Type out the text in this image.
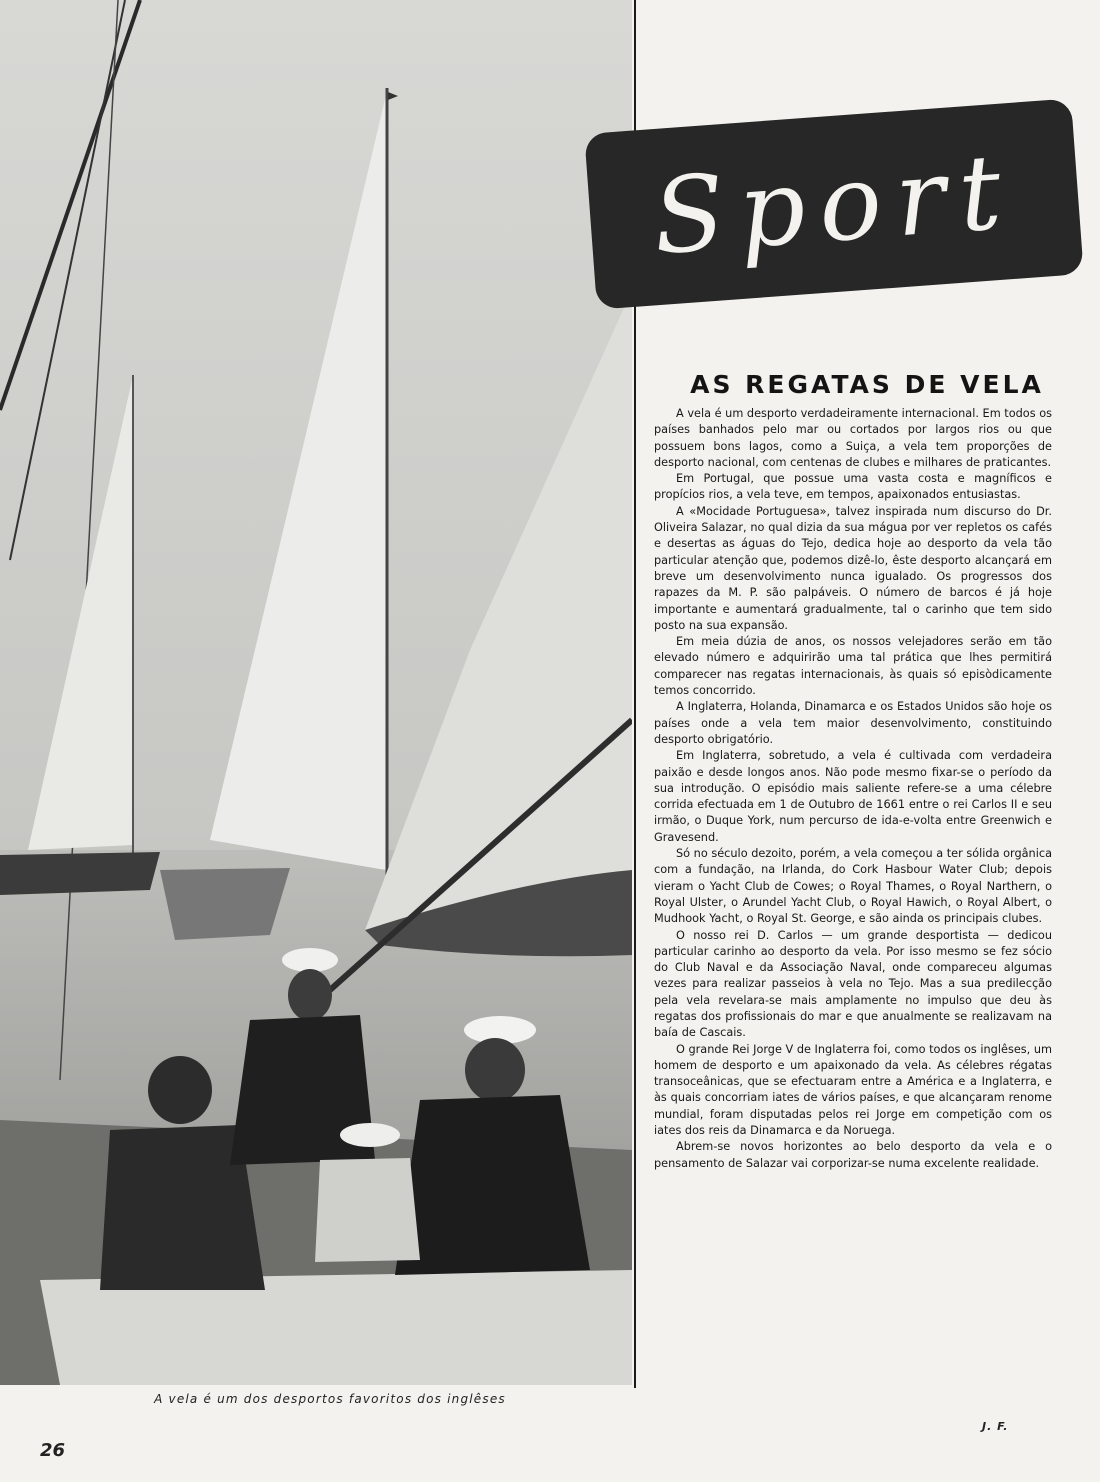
A vela é um dos desportos favoritos dos inglêses
26
Sport
AS REGATAS DE VELA

A vela é um desporto verdadeiramente internacional. Em todos os países banhados pelo mar ou cortados por largos rios ou que possuem bons lagos, como a Suiça, a vela tem proporções de desporto nacional, com centenas de clubes e milhares de praticantes.

Em Portugal, que possue uma vasta costa e magníficos e propícios rios, a vela teve, em tempos, apaixonados entusiastas.

A «Mocidade Portuguesa», talvez inspirada num discurso do Dr. Oliveira Salazar, no qual dizia da sua mágua por ver repletos os cafés e desertas as águas do Tejo, dedica hoje ao desporto da vela tão particular atenção que, podemos dizê-lo, êste desporto alcançará em breve um desenvolvimento nunca igualado. Os progressos dos rapazes da M. P. são palpáveis. O número de barcos é já hoje importante e aumentará gradualmente, tal o carinho que tem sido posto na sua expansão.

Em meia dúzia de anos, os nossos velejadores serão em tão elevado número e adquirirão uma tal prática que lhes permitirá comparecer nas regatas internacionais, às quais só episòdicamente temos concorrido.

A Inglaterra, Holanda, Dinamarca e os Estados Unidos são hoje os países onde a vela tem maior desenvolvimento, constituindo desporto obrigatório.

Em Inglaterra, sobretudo, a vela é cultivada com verdadeira paixão e desde longos anos. Não pode mesmo fixar-se o período da sua introdução. O episódio mais saliente refere-se a uma célebre corrida efectuada em 1 de Outubro de 1661 entre o rei Carlos II e seu irmão, o Duque York, num percurso de ida-e-volta entre Greenwich e Gravesend.

Só no século dezoito, porém, a vela começou a ter sólida orgânica com a fundação, na Irlanda, do Cork Hasbour Water Club; depois vieram o Yacht Club de Cowes; o Royal Thames, o Royal Narthern, o Royal Ulster, o Arundel Yacht Club, o Royal Hawich, o Royal Albert, o Mudhook Yacht, o Royal St. George, e são ainda os principais clubes.

O nosso rei D. Carlos — um grande desportista — dedicou particular carinho ao desporto da vela. Por isso mesmo se fez sócio do Club Naval e da Associação Naval, onde compareceu algumas vezes para realizar passeios à vela no Tejo. Mas a sua predilecção pela vela revelara-se mais amplamente no impulso que deu às regatas dos profissionais do mar e que anualmente se realizavam na baía de Cascais.

O grande Rei Jorge V de Inglaterra foi, como todos os inglêses, um homem de desporto e um apaixonado da vela. As célebres régatas transoceânicas, que se efectuaram entre a América e a Inglaterra, e às quais concorriam iates de vários países, e que alcançaram renome mundial, foram disputadas pelos rei Jorge em competição com os iates dos reis da Dinamarca e da Noruega.

Abrem-se novos horizontes ao belo desporto da vela e o pensamento de Salazar vai corporizar-se numa excelente realidade.

J. F.
